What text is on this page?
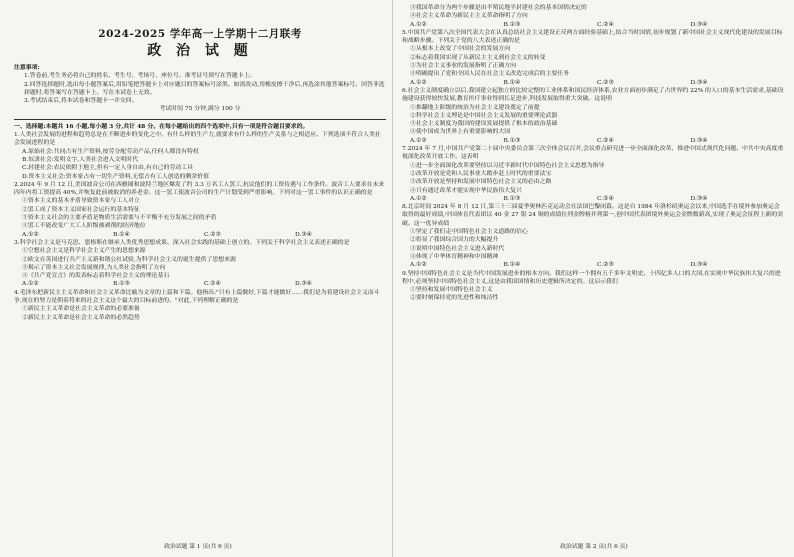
2024-2025 学年高一上学期十二月联考
政 治 试 题
注意事项:

1.答卷前,考生务必将自己的姓名、考生号、考场号、座位号、准考证号填写在答题卡上。

2.回答选择题时,选出每小题答案后,用铅笔把答题卡上对应题目的答案标号涂黑。如需改动,用橡皮擦干净后,再选涂其他答案标号。回答非选择题时,将答案写在答题卡上。写在本试卷上无效。

3.考试结束后,将本试卷和答题卡一并交回。

考试时间 75 分钟,满分 100 分

一、选择题:本题共 16 小题,每小题 3 分,共计 48 分。在每小题给出的四个选项中,只有一项是符合题目要求的。

1.人类社会发展的进程和趋势总是在不断进步的变化之中。有什么样的生产力,就要求有什么样的生产关系与之相适应。下列选项不符合人类社会发展进程的是

A.原始社会:共同占有生产资料,按劳分配劳动产品,任何人都没有特权

B.奴隶社会:发明文字,人类社会进入文明时代

C.封建社会:农民依附于地主,但有一定人身自由,有自己的劳动工具

D.资本主义社会:资本家占有一切生产资料,无偿占有工人创造的剩余价值

2.2024 年 9 月 12 日,美国波音公司在西雅图和波特兰地区爆发了约 3.3 万名工人罢工,抗议他们的工资待遇与工作条件。波音工人要求在未来四年内将工资提高 40%,并恢复此前被取消的养老金。这一罢工使波音公司的生产计划受到严重影响。下列对这一罢工事件的认识正确的是

①资本主义的基本矛盾导致资本家与工人对立

②罢工成了资本主义国家社会运行的基本特征

③资本主义社会的主要矛盾是物质生活需要与不平衡不充分发展之间的矛盾

④罢工不能改变广大工人阶级被剥削的经济地位

A.①②	B.①④	C.②③	D.③④

3.科学社会主义是马克思、恩格斯在继承人类优秀思想成果、深入社会实践的基础上创立的。下列关于科学社会主义表述正确的是

①空想社会主义是科学社会主义产生的思想来源

②欧文在英国进行共产主义新和谐公社试验,为科学社会主义的诞生提供了思想来源

③揭示了资本主义社会发展规律,为人类社会指明了方向

④《共产党宣言》的发表标志着科学社会主义的理论基石

A.①②	B.①③	C.②④	D.③④

4.毛泽东把新民主主义革命和社会主义革命比喻为文章的上篇和下篇。他指出:"只有上篇做好,下篇才能做好……我们是为着建设社会主义而斗争,现在的努力是朝着将来的社会主义这个最大的目标前进的。"对此,下列理解正确的是

①新民主主义革命是社会主义革命的必要准备

②新民主主义革命是社会主义革命的必然趋势

政治试题 第 1 页(共 6 页)

③我国革命分为两个步骤是由半殖民地半封建社会的基本国情决定的

④社会主义革命为新民主主义革命指明了方向

A.①②	B.①③	C.②④	D.③④

5.中国共产党第八次全国代表大会在认真总结社会主义建设正反两方面经验基础上,结合当时国情,初步规划了新中国社会主义现代化建设的发展目标和战略步骤。下列关于党的八大表述正确的是

①从根本上改变了中国社会的发展方向

②标志着我国实现了从新民主主义到社会主义的转变

③为社会主义事业的发展指明了正确方向

④明确提出了党和全国人民在社会主义改造完成后的主要任务

A.①②	B.①④	C.②③	D.③④

6.社会主义制度确立以后,我国建立起独立的比较完整的工业体系和国民经济体系,农业方面初步满足了占世界约 22% 的人口的基本生活需求,基础设施建设获得较快发展,教育医疗事业得到长足进步,科技发展取得重大突破。这说明

①推翻地主阶级的统治为社会主义建设奠定了前提

②科学社会主义理论是中国社会主义发展的重要理论武器

③社会主义制度为我国的建设发展提供了根本的政治基础

④使中国成为世界上有重要影响的大国

A.①②	B.①③	C.②④	D.③④

7.2024 年 7 月,中国共产党第二十届中央委员会第三次全体会议召开,会议重点研究进一步全面深化改革、推进中国式现代化问题。中共中央高度重视深化改革开放工作。这表明

①进一步全面深化改革要坚持以习近平新时代中国特色社会主义思想为指导

②改革开放是党和人民事业大踏步赶上时代的重要法宝

③改革开放是坚持和发展中国特色社会主义的必由之路

④只有通过改革才能实现中华民族伟大复兴

A.①②	B.①③	C.②④	D.③④

8.北京时间 2024 年 8 月 12 日,第三十三届夏季奥林匹克运动会在法国巴黎闭幕。这是自 1984 年洛杉矶奥运会以来,中国选手在境外参加奥运会取得的最好成绩,中国体育代表团以 40 金 27 银 24 铜的成绩位列金牌榜并列第一,创中国代表团境外奥运会金牌数新高,实现了奥运会征程上新的突破。这一优异成绩

①坚定了我们走中国特色社会主义道路的信心

②彰显了我国综合国力的大幅提升

③说明中国特色社会主义进入新时代

④体现了中华体育精神和中国精神

A.①②	B.①④	C.②③	D.③④

9.坚持中国特色社会主义是当代中国发展进步的根本方向。我们这样一个拥有五千多年文明史、十四亿多人口的大国,在实现中华民族伟大复兴的进程中,必须坚持中国特色社会主义,这是由我国国情和历史逻辑所决定的。这启示我们

①坚持和发展中国特色社会主义

②要时刻保持党的先进性和纯洁性

政治试题 第 2 页(共 6 页)
